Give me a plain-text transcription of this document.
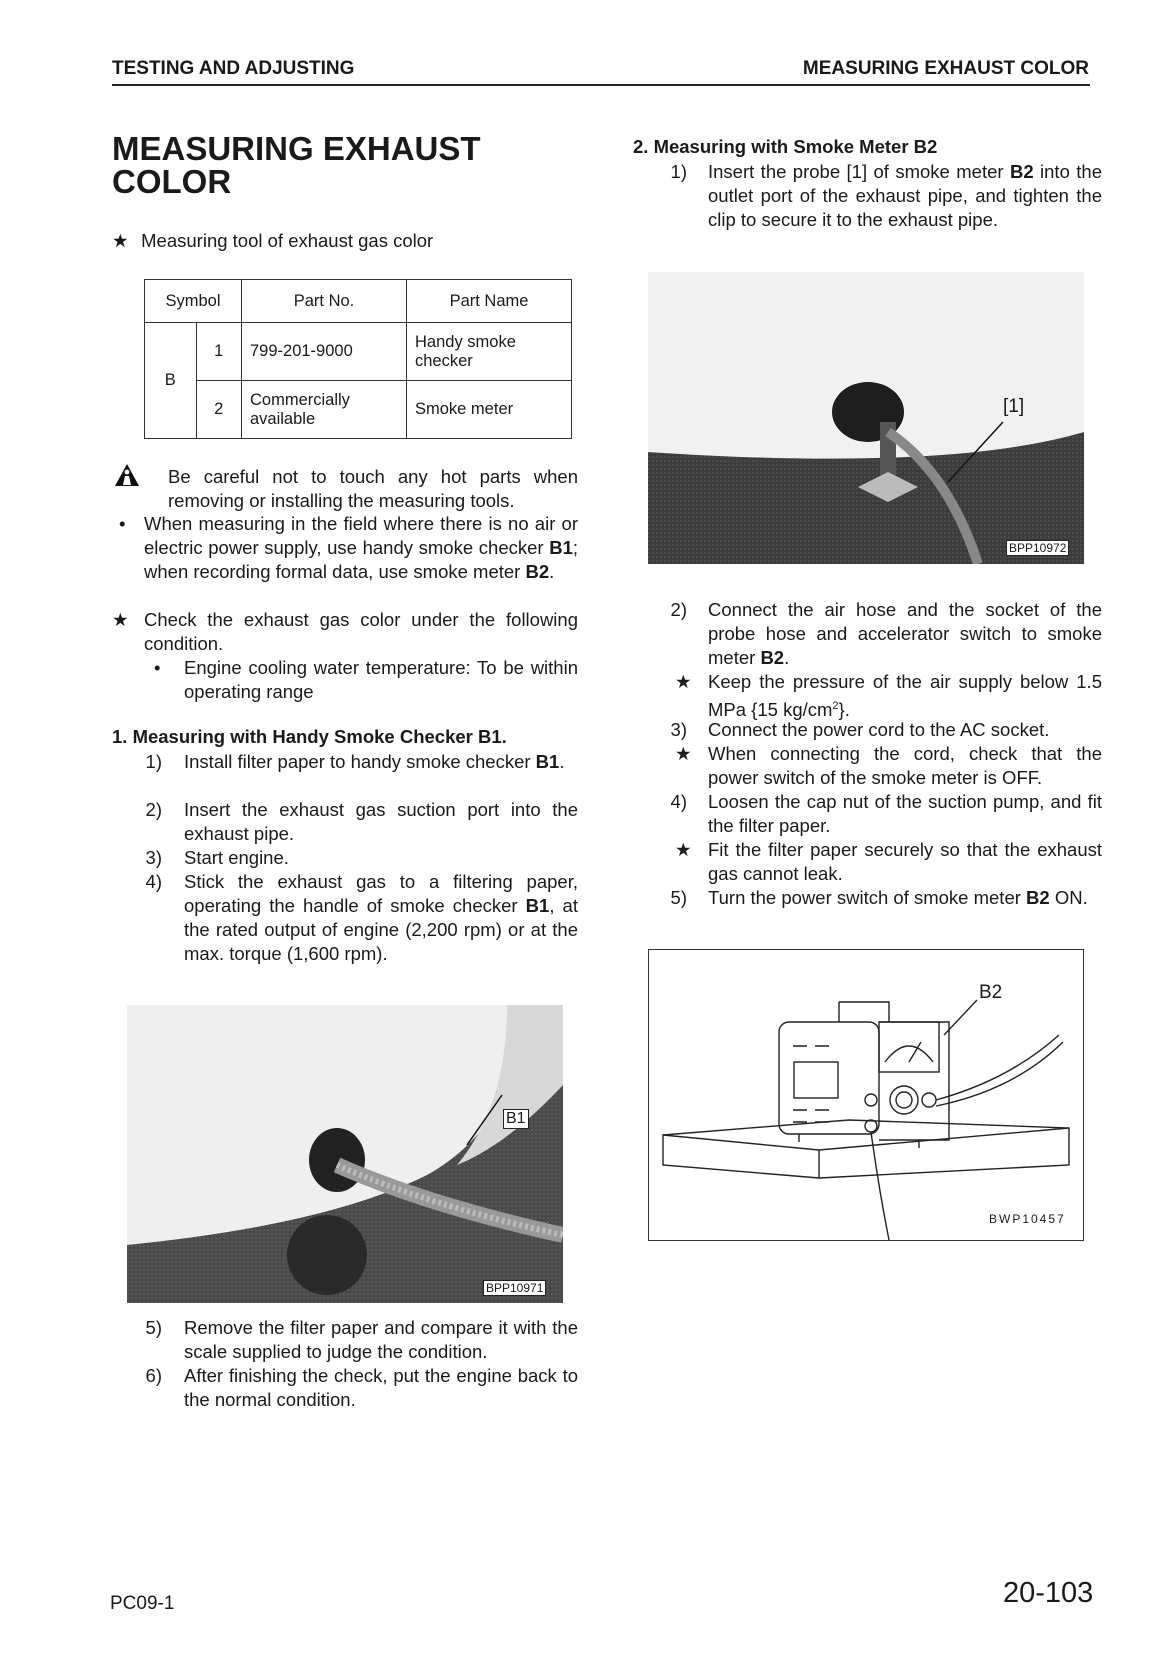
TESTING AND ADJUSTING	MEASURING EXHAUST COLOR
MEASURING EXHAUST
COLOR
★ Measuring tool of exhaust gas color
Symbol		Part No.	Part Name
B	1	799-201-9000	Handy smoke checker
	2	Commercially available	Smoke meter
Be careful not to touch any hot parts when removing or installing the measuring tools.
• When measuring in the field where there is no air or electric power supply, use handy smoke checker B1; when recording formal data, use smoke meter B2.
★ Check the exhaust gas color under the following condition.
• Engine cooling water temperature: To be within operating range
1. Measuring with Handy Smoke Checker B1.
1) Install filter paper to handy smoke checker B1.
2) Insert the exhaust gas suction port into the exhaust pipe.
3) Start engine.
4) Stick the exhaust gas to a filtering paper, operating the handle of smoke checker B1, at the rated output of engine (2,200 rpm) or at the max. torque (1,600 rpm).
B1
BPP10971
5) Remove the filter paper and compare it with the scale supplied to judge the condition.
6) After finishing the check, put the engine back to the normal condition.
2. Measuring with Smoke Meter B2
1) Insert the probe [1] of smoke meter B2 into the outlet port of the exhaust pipe, and tighten the clip to secure it to the exhaust pipe.
[1]
BPP10972
2) Connect the air hose and the socket of the probe hose and accelerator switch to smoke meter B2.
★ Keep the pressure of the air supply below 1.5 MPa {15 $kg/cm^2$}.
3) Connect the power cord to the AC socket.
★ When connecting the cord, check that the power switch of the smoke meter is OFF.
4) Loosen the cap nut of the suction pump, and fit the filter paper.
★ Fit the filter paper securely so that the exhaust gas cannot leak.
5) Turn the power switch of smoke meter B2 ON.
B2
BWP10457
PC09-1	20-103
